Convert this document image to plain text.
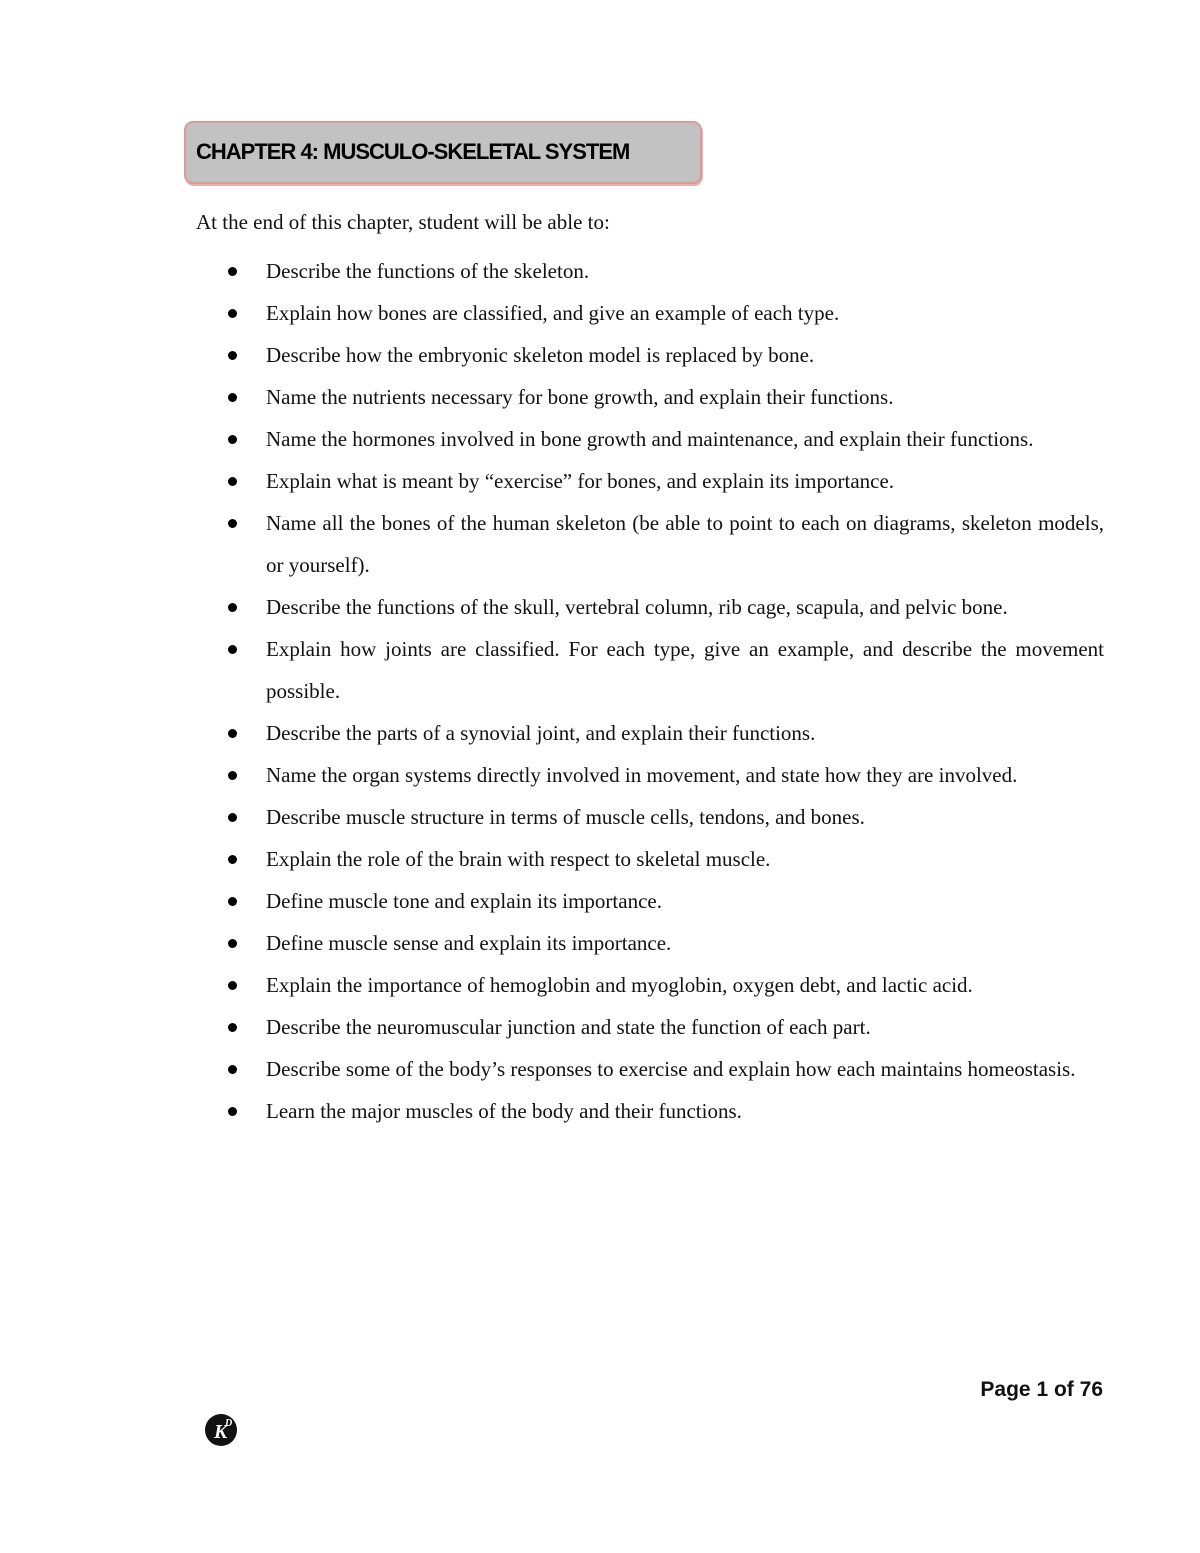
CHAPTER 4: MUSCULO-SKELETAL SYSTEM
At the end of this chapter, student will be able to:
Describe the functions of the skeleton.
Explain how bones are classified, and give an example of each type.
Describe how the embryonic skeleton model is replaced by bone.
Name the nutrients necessary for bone growth, and explain their functions.
Name the hormones involved in bone growth and maintenance, and explain their functions.
Explain what is meant by “exercise” for bones, and explain its importance.
Name all the bones of the human skeleton (be able to point to each on diagrams, skeleton models, or yourself).
Describe the functions of the skull, vertebral column, rib cage, scapula, and pelvic bone.
Explain how joints are classified. For each type, give an example, and describe the movement possible.
Describe the parts of a synovial joint, and explain their functions.
Name the organ systems directly involved in movement, and state how they are involved.
Describe muscle structure in terms of muscle cells, tendons, and bones.
Explain the role of the brain with respect to skeletal muscle.
Define muscle tone and explain its importance.
Define muscle sense and explain its importance.
Explain the importance of hemoglobin and myoglobin, oxygen debt, and lactic acid.
Describe the neuromuscular junction and state the function of each part.
Describe some of the body’s responses to exercise and explain how each maintains homeostasis.
Learn the major muscles of the body and their functions.
Page 1 of 76
K
D
